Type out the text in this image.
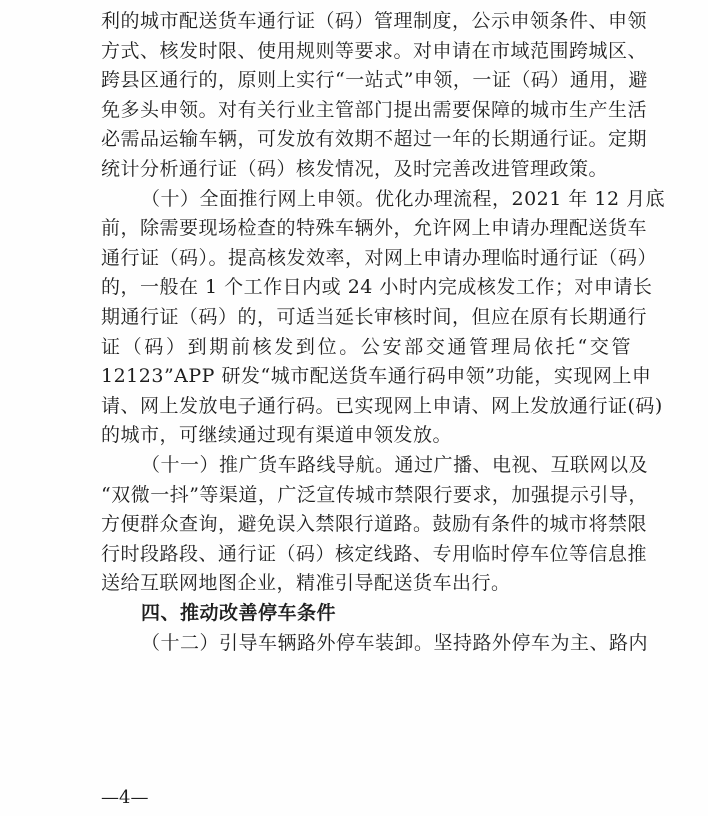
利的城市配送货车通行证（码）管理制度，公示申领条件、申领
方式、核发时限、使用规则等要求。对申请在市域范围跨城区、
跨县区通行的，原则上实行“一站式”申领，一证（码）通用，避
免多头申领。对有关行业主管部门提出需要保障的城市生产生活
必需品运输车辆，可发放有效期不超过一年的长期通行证。定期
统计分析通行证（码）核发情况，及时完善改进管理政策。
（十）全面推行网上申领。优化办理流程，2021 年 12 月底
前，除需要现场检查的特殊车辆外，允许网上申请办理配送货车
通行证（码）。提高核发效率，对网上申请办理临时通行证（码）
的，一般在 1 个工作日内或 24 小时内完成核发工作；对申请长
期通行证（码）的，可适当延长审核时间，但应在原有长期通行
证（码）到期前核发到位。公安部交通管理局依托“交管
12123”APP 研发“城市配送货车通行码申领”功能，实现网上申
请、网上发放电子通行码。已实现网上申请、网上发放通行证(码)
的城市，可继续通过现有渠道申领发放。
（十一）推广货车路线导航。通过广播、电视、互联网以及
“双微一抖”等渠道，广泛宣传城市禁限行要求，加强提示引导，
方便群众查询，避免误入禁限行道路。鼓励有条件的城市将禁限
行时段路段、通行证（码）核定线路、专用临时停车位等信息推
送给互联网地图企业，精准引导配送货车出行。
四、推动改善停车条件
（十二）引导车辆路外停车装卸。坚持路外停车为主、路内
—4—
